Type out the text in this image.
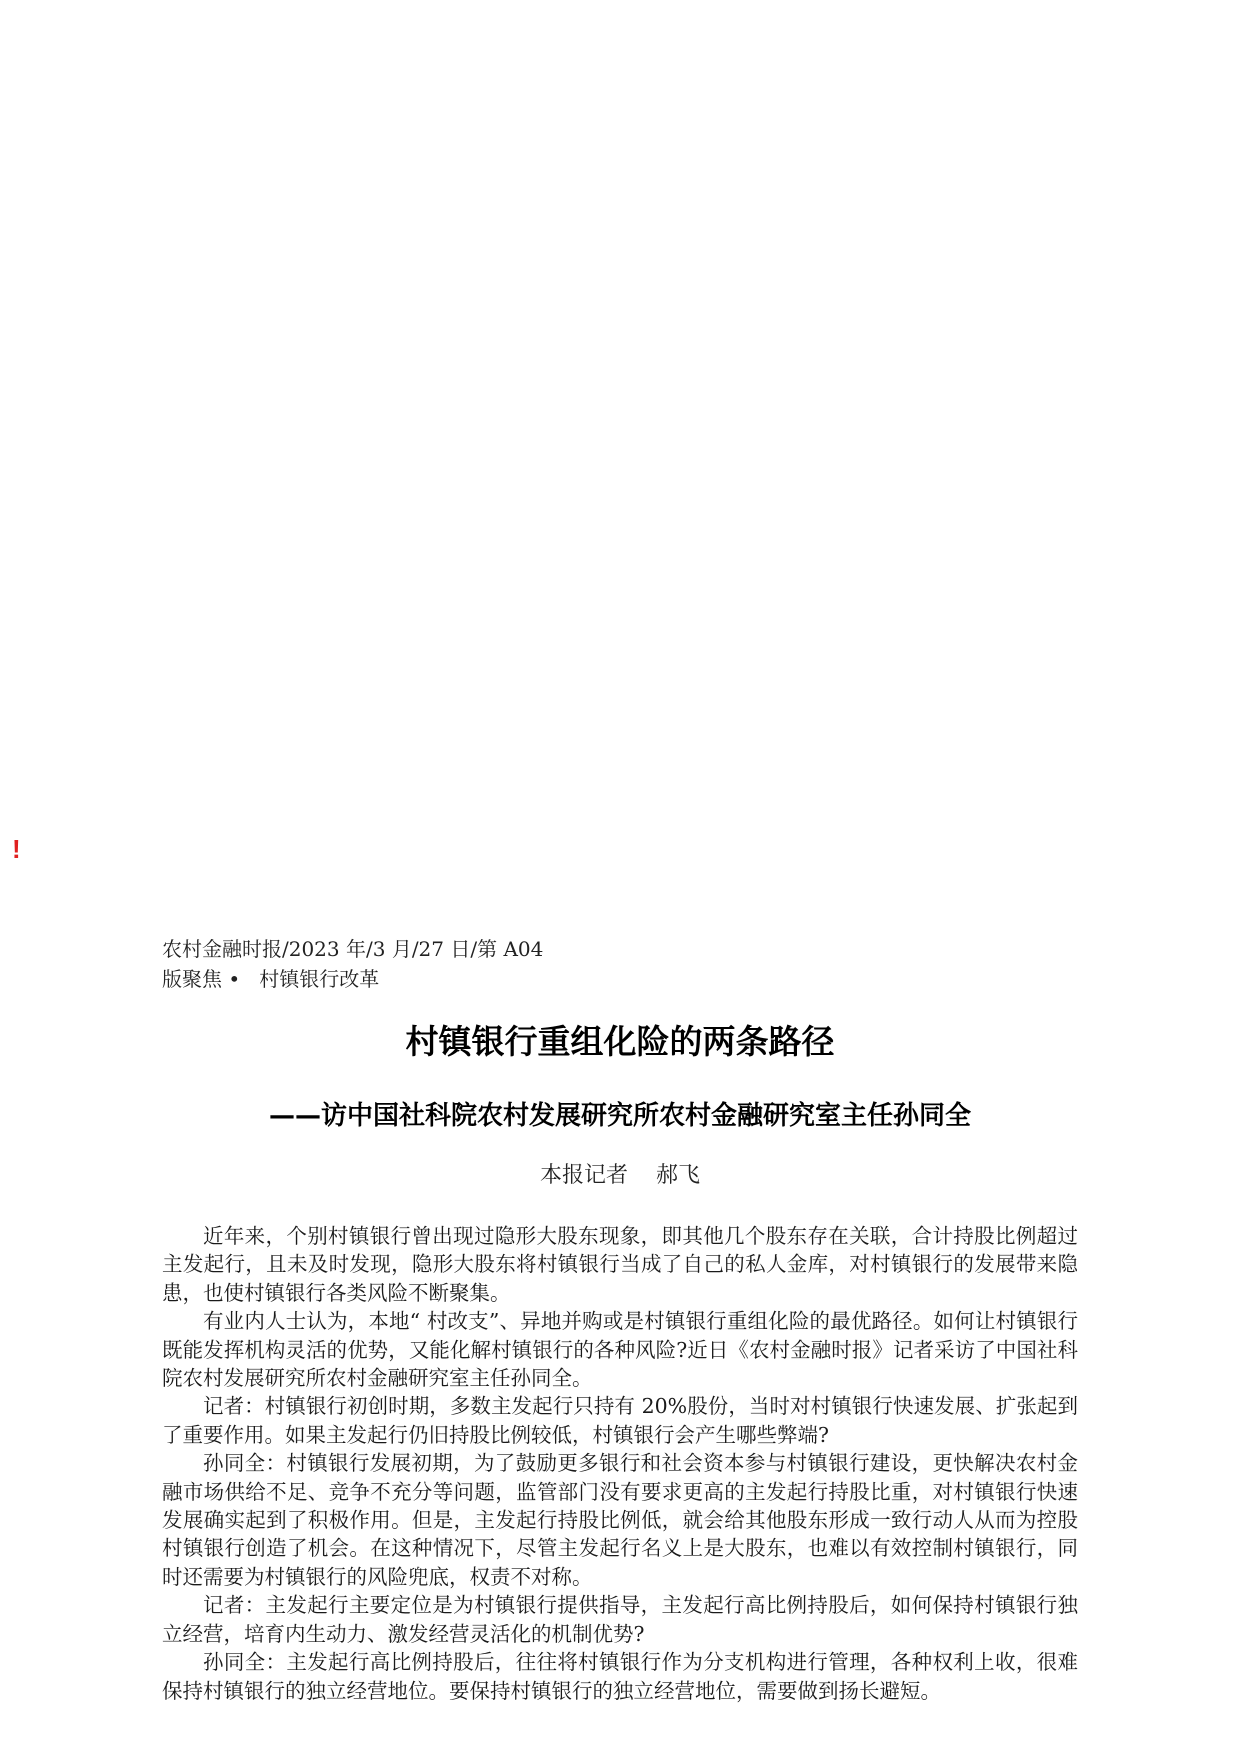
!
农村金融时报/2023 年/3 月/27 日/第 A04
版聚焦 •   村镇银行改革
村镇银行重组化险的两条路径
——访中国社科院农村发展研究所农村金融研究室主任孙同全
本报记者    郝飞

近年来，个别村镇银行曾出现过隐形大股东现象，即其他几个股东存在关联，合计持股比例超过主发起行，且未及时发现，隐形大股东将村镇银行当成了自己的私人金库，对村镇银行的发展带来隐患，也使村镇银行各类风险不断聚集。

有业内人士认为，本地“ 村改支”、异地并购或是村镇银行重组化险的最优路径。如何让村镇银行既能发挥机构灵活的优势，又能化解村镇银行的各种风险?近日《农村金融时报》记者采访了中国社科院农村发展研究所农村金融研究室主任孙同全。

记者：村镇银行初创时期，多数主发起行只持有 20%股份，当时对村镇银行快速发展、扩张起到了重要作用。如果主发起行仍旧持股比例较低，村镇银行会产生哪些弊端?

孙同全：村镇银行发展初期，为了鼓励更多银行和社会资本参与村镇银行建设，更快解决农村金融市场供给不足、竞争不充分等问题，监管部门没有要求更高的主发起行持股比重，对村镇银行快速发展确实起到了积极作用。但是，主发起行持股比例低，就会给其他股东形成一致行动人从而为控股村镇银行创造了机会。在这种情况下，尽管主发起行名义上是大股东，也难以有效控制村镇银行，同时还需要为村镇银行的风险兜底，权责不对称。

记者：主发起行主要定位是为村镇银行提供指导，主发起行高比例持股后，如何保持村镇银行独立经营，培育内生动力、激发经营灵活化的机制优势?

孙同全：主发起行高比例持股后，往往将村镇银行作为分支机构进行管理，各种权利上收，很难保持村镇银行的独立经营地位。要保持村镇银行的独立经营地位，需要做到扬长避短。
